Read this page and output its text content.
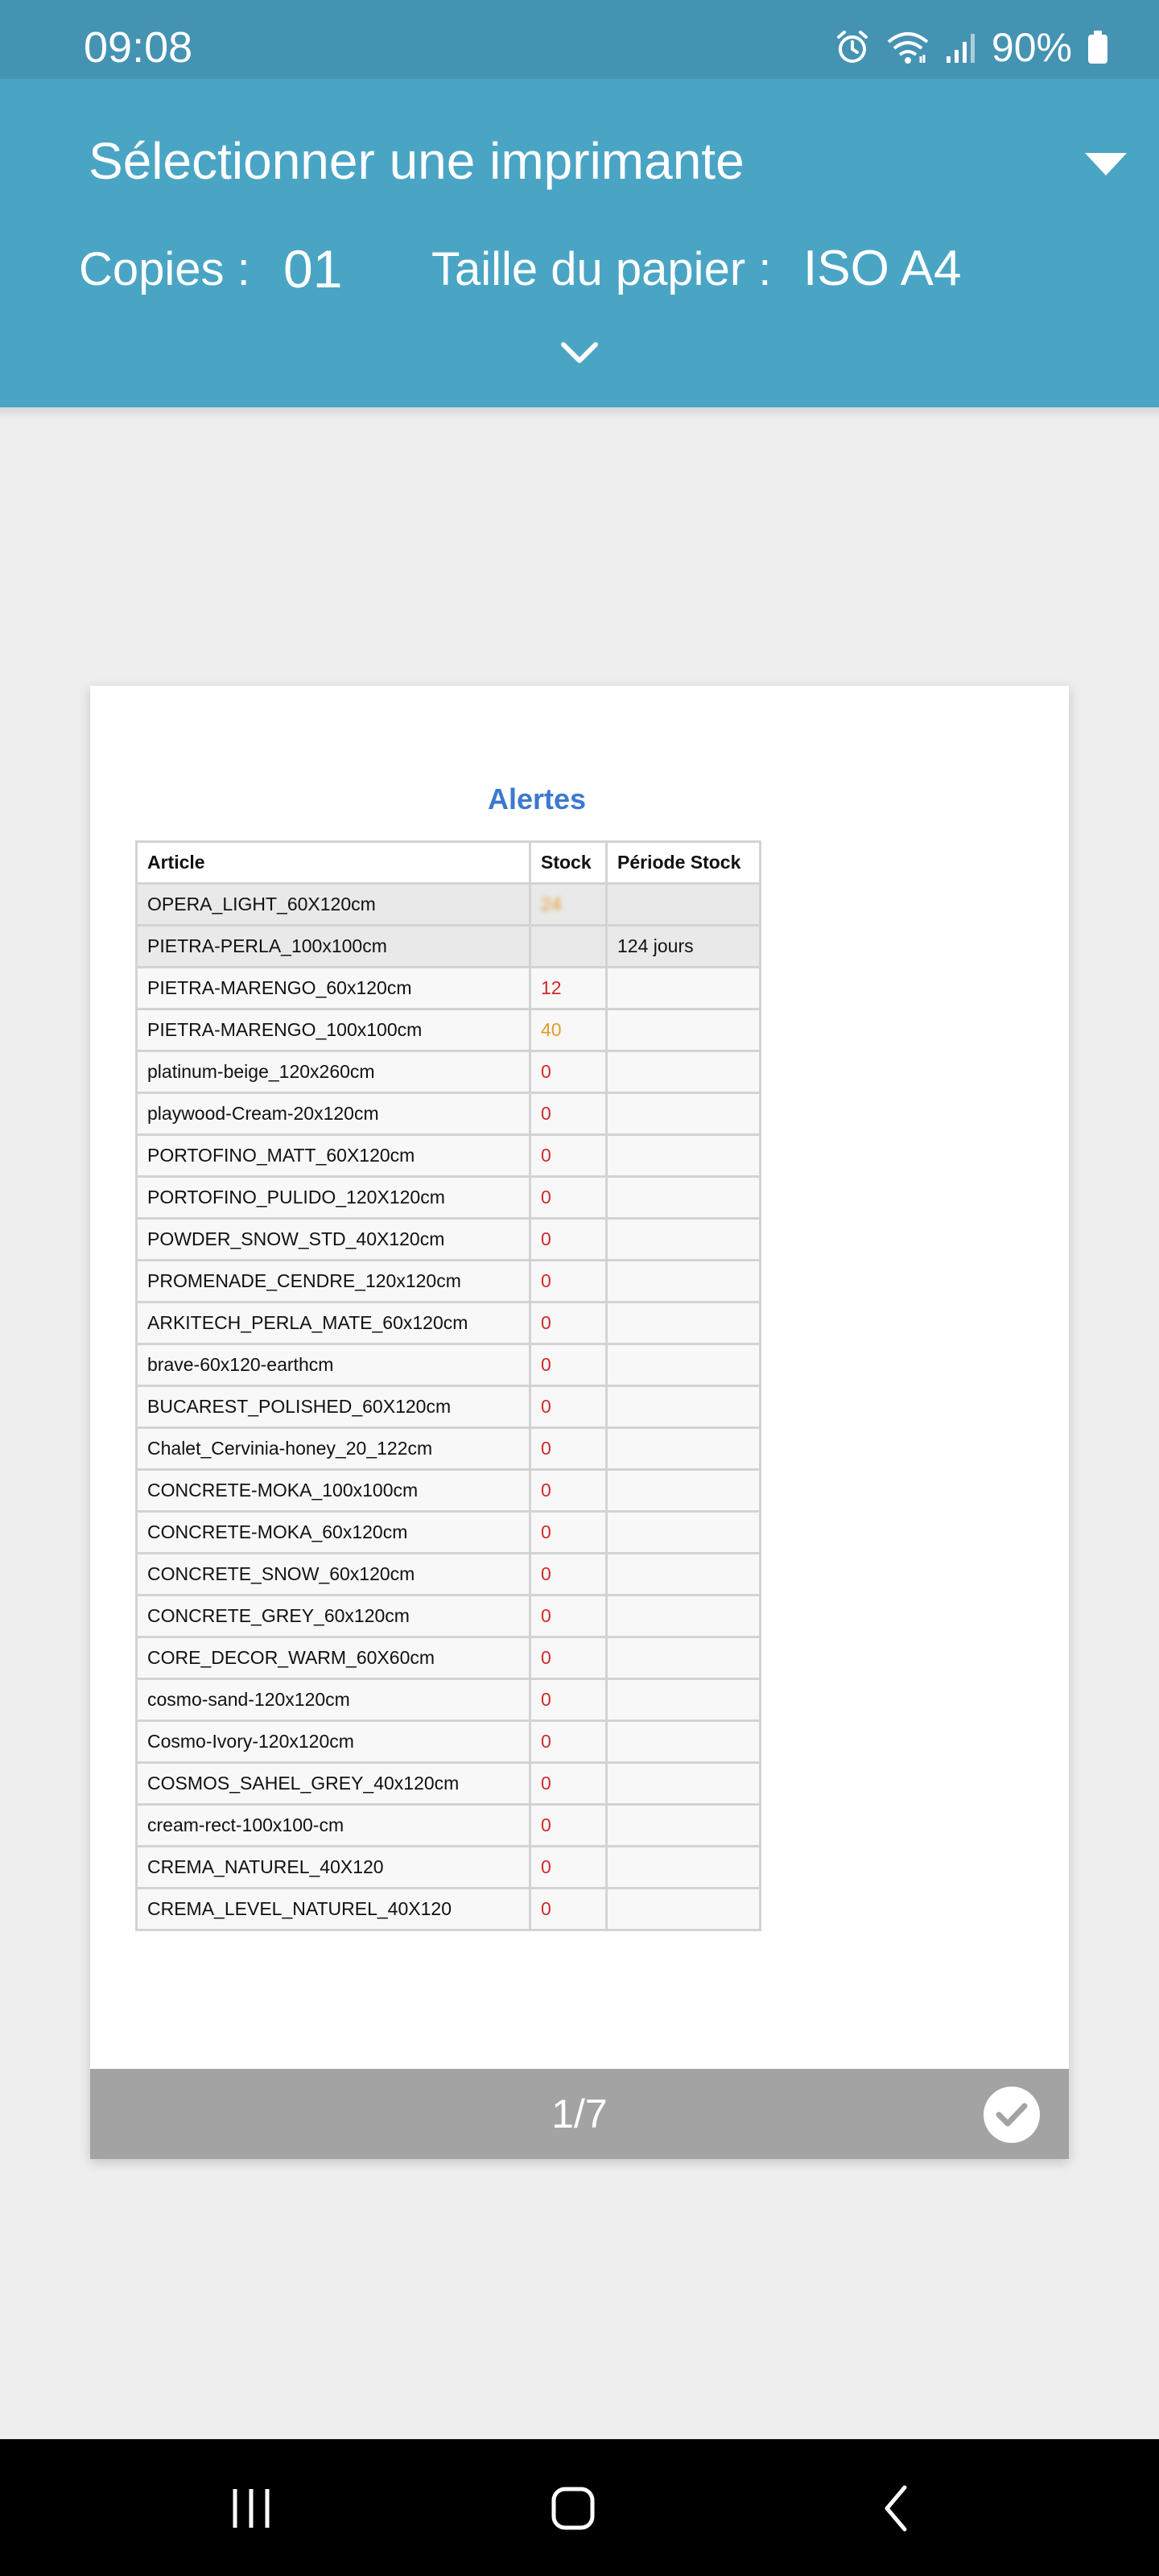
09:08	90%
Sélectionner une imprimante
Copies : 01 Taille du papier : ISO A4
Alertes
Article	Stock	Période Stock
OPERA_LIGHT_60X120cm	24	
PIETRA-PERLA_100x100cm		124 jours
PIETRA-MARENGO_60x120cm	12	
PIETRA-MARENGO_100x100cm	40	
platinum-beige_120x260cm	0	
playwood-Cream-20x120cm	0	
PORTOFINO_MATT_60X120cm	0	
PORTOFINO_PULIDO_120X120cm	0	
POWDER_SNOW_STD_40X120cm	0	
PROMENADE_CENDRE_120x120cm	0	
ARKITECH_PERLA_MATE_60x120cm	0	
brave-60x120-earthcm	0	
BUCAREST_POLISHED_60X120cm	0	
Chalet_Cervinia-honey_20_122cm	0	
CONCRETE-MOKA_100x100cm	0	
CONCRETE-MOKA_60x120cm	0	
CONCRETE_SNOW_60x120cm	0	
CONCRETE_GREY_60x120cm	0	
CORE_DECOR_WARM_60X60cm	0	
cosmo-sand-120x120cm	0	
Cosmo-Ivory-120x120cm	0	
COSMOS_SAHEL_GREY_40x120cm	0	
cream-rect-100x100-cm	0	
CREMA_NATUREL_40X120	0	
CREMA_LEVEL_NATUREL_40X120	0	
1/7
